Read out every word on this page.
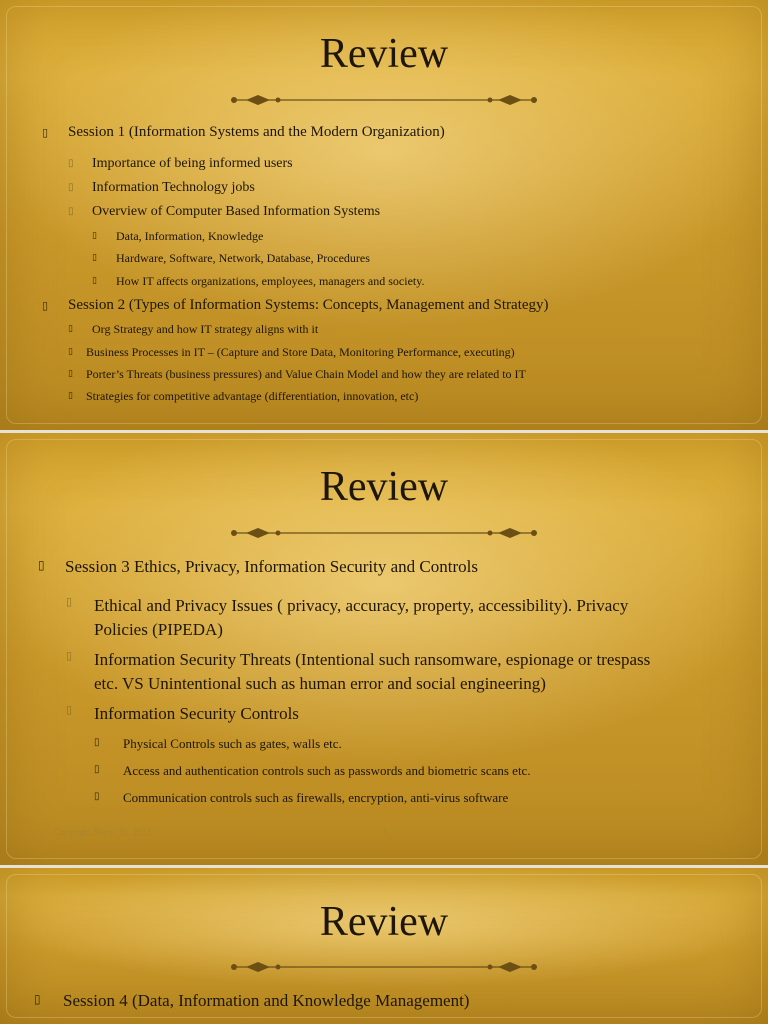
Review
▯ Session 1 (Information Systems and the Modern Organization)
▯ Importance of being informed users
▯ Information Technology jobs
▯ Overview of Computer Based Information Systems
▯ Data, Information, Knowledge
▯ Hardware, Software, Network, Database, Procedures
▯ How IT affects organizations, employees, managers and society.
▯ Session 2 (Types of Information Systems: Concepts, Management and Strategy)
▯ Org Strategy and how IT strategy aligns with it
▯ Business Processes in IT – (Capture and Store Data, Monitoring Performance, executing)
▯ Porter’s Threats (business pressures) and Value Chain Model and how they are related to IT
▯ Strategies for competitive advantage (differentiation, innovation, etc)
Review
▯ Session 3 Ethics, Privacy, Information Security and Controls
▯ Ethical and Privacy Issues ( privacy, accuracy, property, accessibility). Privacy
Policies (PIPEDA)
▯ Information Security Threats (Intentional such ransomware, espionage or trespass
etc. VS Unintentional such as human error and social engineering)
▯ Information Security Controls
▯ Physical Controls such as gates, walls etc.
▯ Access and authentication controls such as passwords and biometric scans etc.
▯ Communication controls such as firewalls, encryption, anti-virus software
Copyright Sheryl Tu, 2022	3
Review
▯ Session 4 (Data, Information and Knowledge Management)
